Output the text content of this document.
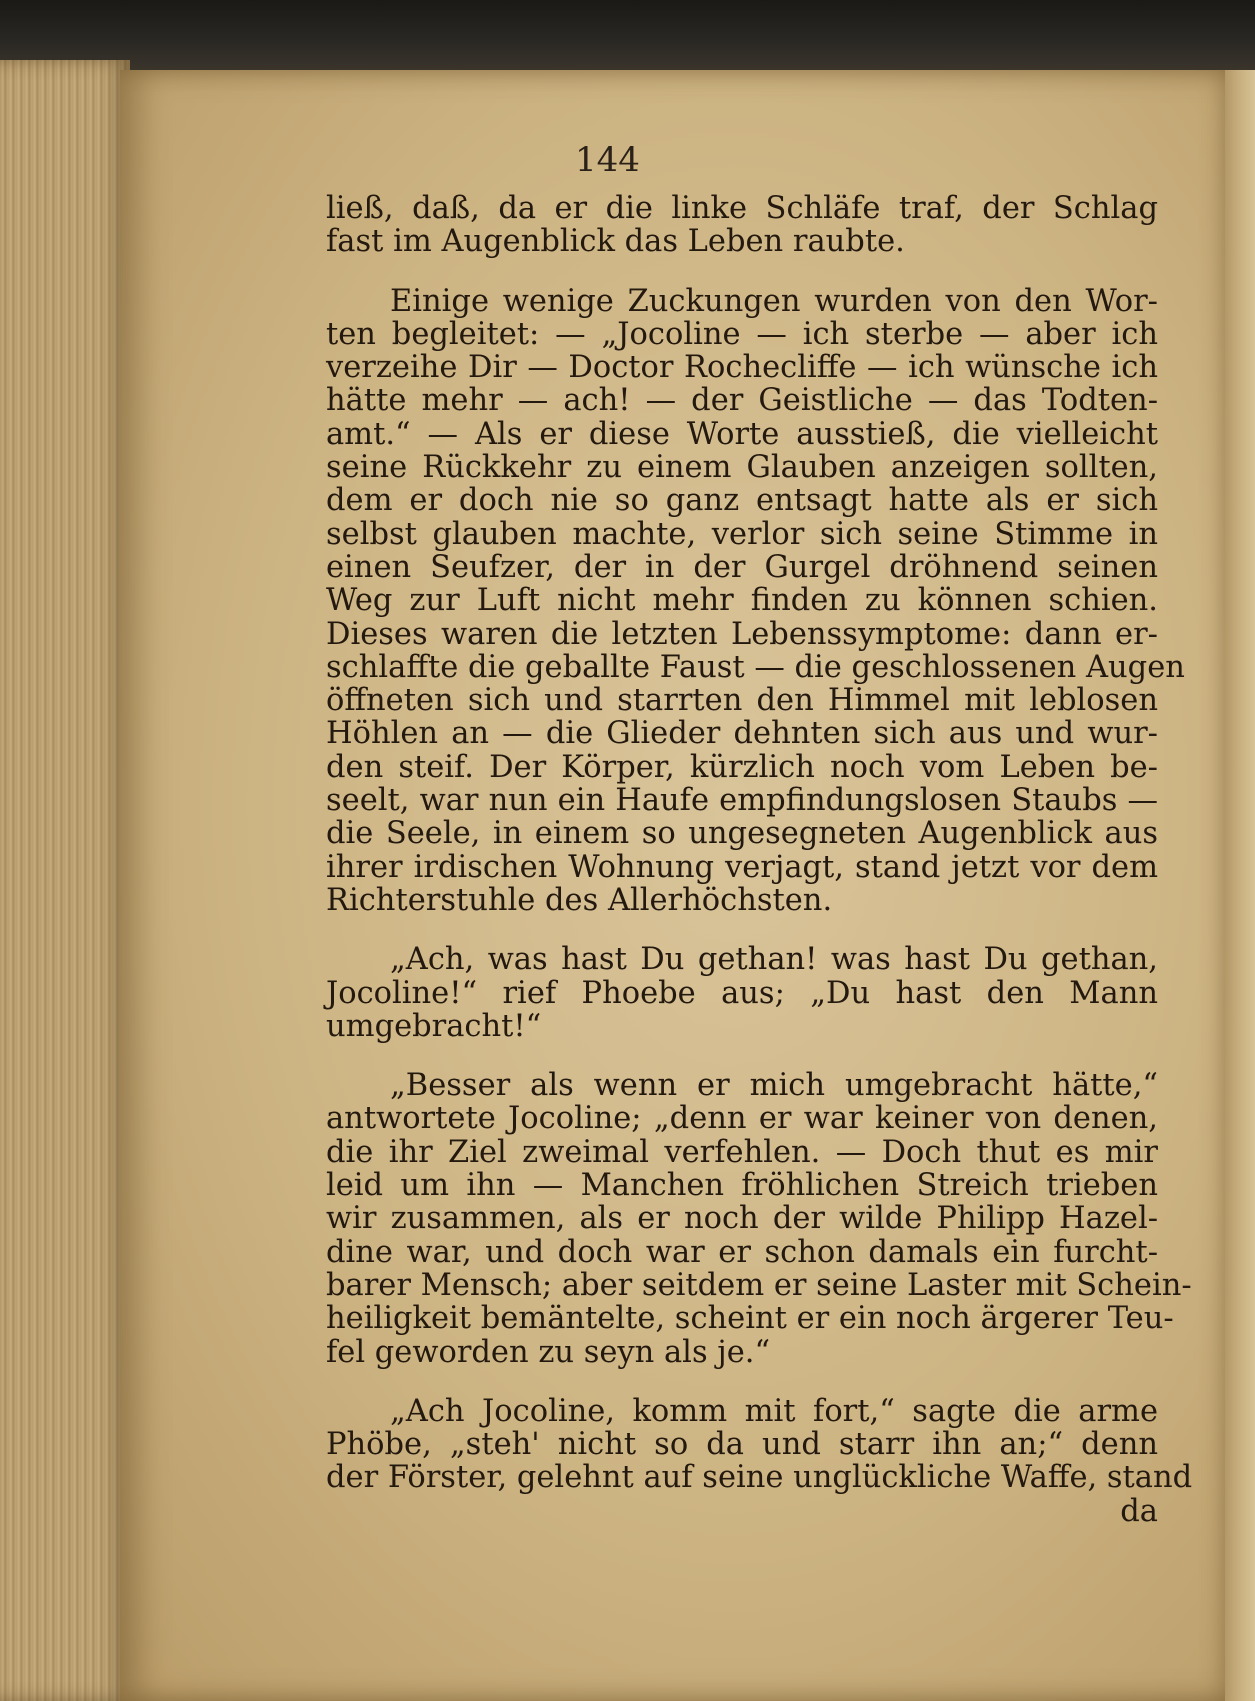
144
ließ, daß, da er die linke Schläfe traf, der Schlag
fast im Augenblick das Leben raubte.
Einige wenige Zuckungen wurden von den Wor-
ten begleitet: — „Jocoline — ich sterbe — aber ich
verzeihe Dir — Doctor Rochecliffe — ich wünsche ich
hätte mehr — ach! — der Geistliche — das Todten-
amt.“ — Als er diese Worte ausstieß, die vielleicht
seine Rückkehr zu einem Glauben anzeigen sollten,
dem er doch nie so ganz entsagt hatte als er sich
selbst glauben machte, verlor sich seine Stimme in
einen Seufzer, der in der Gurgel dröhnend seinen
Weg zur Luft nicht mehr finden zu können schien.
Dieses waren die letzten Lebenssymptome: dann er-
schlaffte die geballte Faust — die geschlossenen Augen
öffneten sich und starrten den Himmel mit leblosen
Höhlen an — die Glieder dehnten sich aus und wur-
den steif. Der Körper, kürzlich noch vom Leben be-
seelt, war nun ein Haufe empfindungslosen Staubs —
die Seele, in einem so ungesegneten Augenblick aus
ihrer irdischen Wohnung verjagt, stand jetzt vor dem
Richterstuhle des Allerhöchsten.
„Ach, was hast Du gethan! was hast Du gethan,
Jocoline!“ rief Phoebe aus; „Du hast den Mann
umgebracht!“
„Besser als wenn er mich umgebracht hätte,“
antwortete Jocoline; „denn er war keiner von denen,
die ihr Ziel zweimal verfehlen. — Doch thut es mir
leid um ihn — Manchen fröhlichen Streich trieben
wir zusammen, als er noch der wilde Philipp Hazel-
dine war, und doch war er schon damals ein furcht-
barer Mensch; aber seitdem er seine Laster mit Schein-
heiligkeit bemäntelte, scheint er ein noch ärgerer Teu-
fel geworden zu seyn als je.“
„Ach Jocoline, komm mit fort,“ sagte die arme
Phöbe, „steh' nicht so da und starr ihn an;“ denn
der Förster, gelehnt auf seine unglückliche Waffe, stand
da
